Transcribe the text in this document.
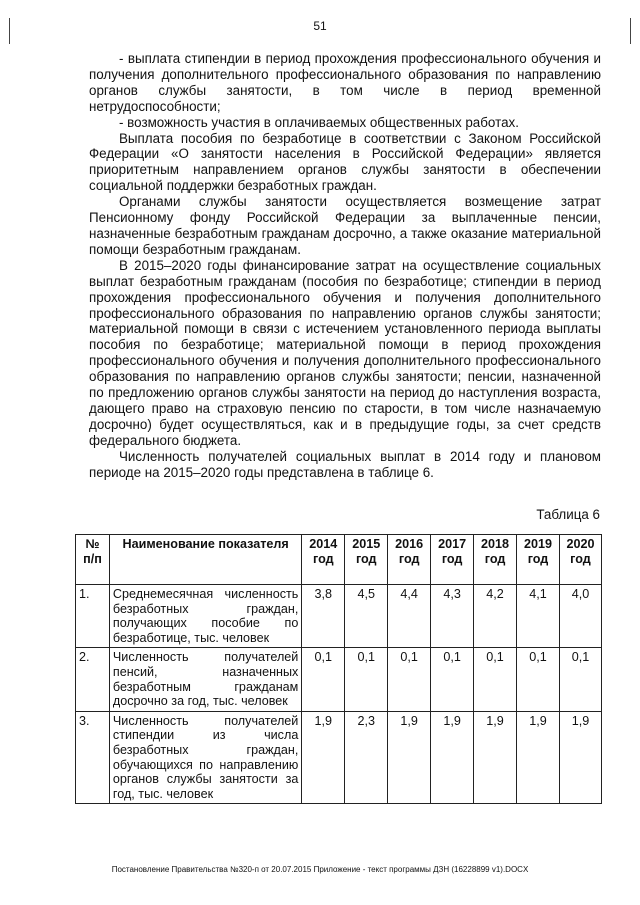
51

- выплата стипендии в период прохождения профессионального обучения и получения дополнительного профессионального образования по направлению органов службы занятости, в том числе в период временной нетрудоспособности;

- возможность участия в оплачиваемых общественных работах.

Выплата пособия по безработице в соответствии с Законом Российской Федерации «О занятости населения в Российской Федерации» является приоритетным направлением органов службы занятости в обеспечении социальной поддержки безработных граждан.

Органами службы занятости осуществляется возмещение затрат Пенсионному фонду Российской Федерации за выплаченные пенсии, назначенные безработным гражданам досрочно, а также оказание материальной помощи безработным гражданам.

В 2015–2020 годы финансирование затрат на осуществление социальных выплат безработным гражданам (пособия по безработице; стипендии в период прохождения профессионального обучения и получения дополнительного профессионального образования по направлению органов службы занятости; материальной помощи в связи с истечением установленного периода выплаты пособия по безработице; материальной помощи в период прохождения профессионального обучения и получения дополнительного профессионального образования по направлению органов службы занятости; пенсии, назначенной по предложению органов службы занятости на период до наступления возраста, дающего право на страховую пенсию по старости, в том числе назначаемую досрочно) будет осуществляться, как и в предыдущие годы, за счет средств федерального бюджета.

Численность получателей социальных выплат в 2014 году и плановом периоде на 2015–2020 годы представлена в таблице 6.

Таблица 6
№ п/п	Наименование показателя	2014 год	2015 год	2016 год	2017 год	2018 год	2019 год	2020 год
1.	Среднемесячная численность безработных граждан, получающих пособие по безработице, тыс. человек	3,8	4,5	4,4	4,3	4,2	4,1	4,0
2.	Численность получателей пенсий, назначенных безработным гражданам досрочно за год, тыс. человек	0,1	0,1	0,1	0,1	0,1	0,1	0,1
3.	Численность получателей стипендии из числа безработных граждан, обучающихся по направлению органов службы занятости за год, тыс. человек	1,9	2,3	1,9	1,9	1,9	1,9	1,9
Постановление Правительства №320-п от 20.07.2015 Приложение - текст программы ДЗН (16228899 v1).DOCX
